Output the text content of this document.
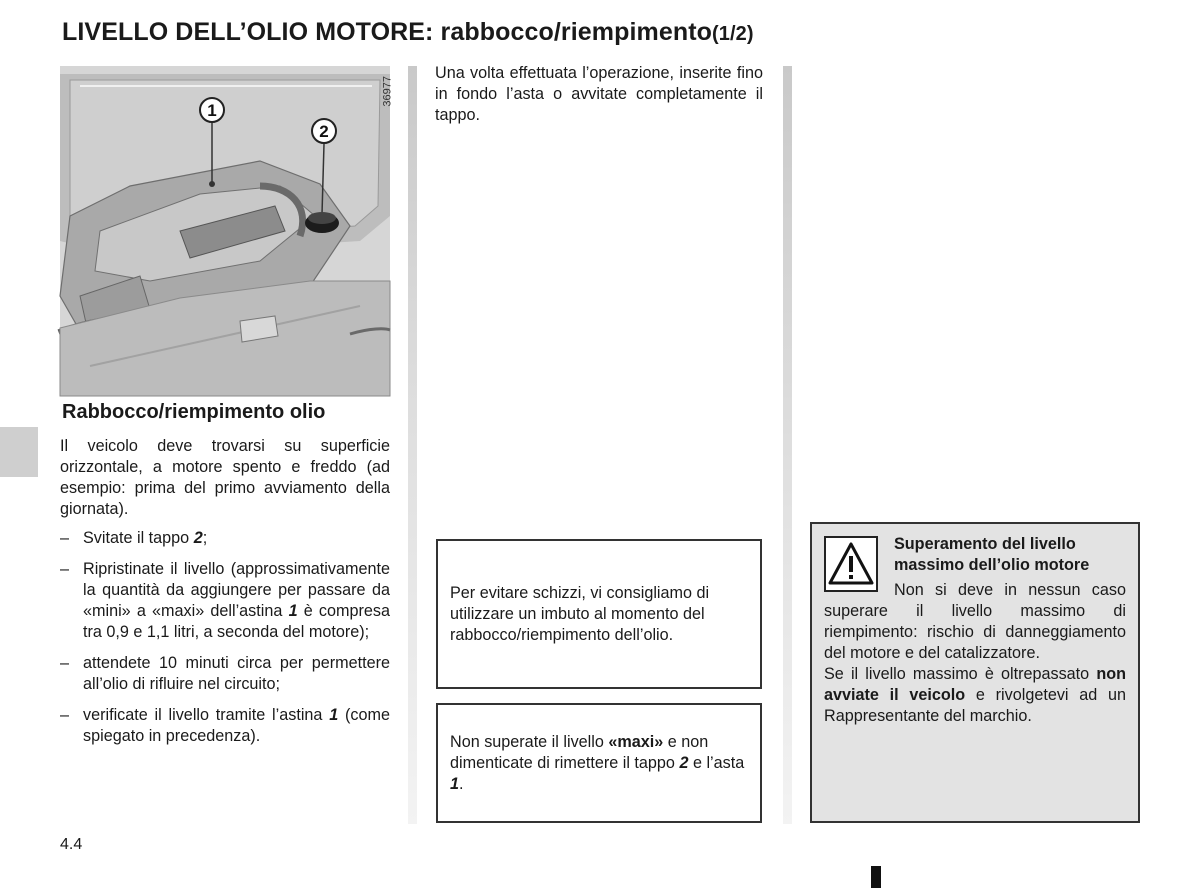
LIVELLO DELL’OLIO MOTORE: rabbocco/riempimento(1/2)
1
2
36977
Rabbocco/riempimento olio

Il veicolo deve trovarsi su superficie orizzontale, a motore spento e freddo (ad esempio: prima del primo avviamento della giornata).

– Svitate il tappo 2;
– Ripristinate il livello (approssimativamente la quantità da aggiungere per passare da «mini» a «maxi» dell’astina 1 è compresa tra 0,9 e 1,1 litri, a seconda del motore);
– attendete 10 minuti circa per permettere all’olio di rifluire nel circuito;
– verificate il livello tramite l’astina 1 (come spiegato in precedenza).

Una volta effettuata l’operazione, inserite fino in fondo l’asta o avvitate completamente il tappo.

Per evitare schizzi, vi consigliamo di utilizzare un imbuto al momento del rabbocco/riempimento dell’olio.

Non superate il livello «maxi» e non dimenticate di rimettere il tappo 2 e l’asta 1.

Superamento del livello massimo dell’olio motore

Non si deve in nessun caso superare il livello massimo di riempimento: rischio di danneggiamento del motore e del catalizzatore.

Se il livello massimo è oltrepassato non avviate il veicolo e rivolgetevi ad un Rappresentante del marchio.

4.4
